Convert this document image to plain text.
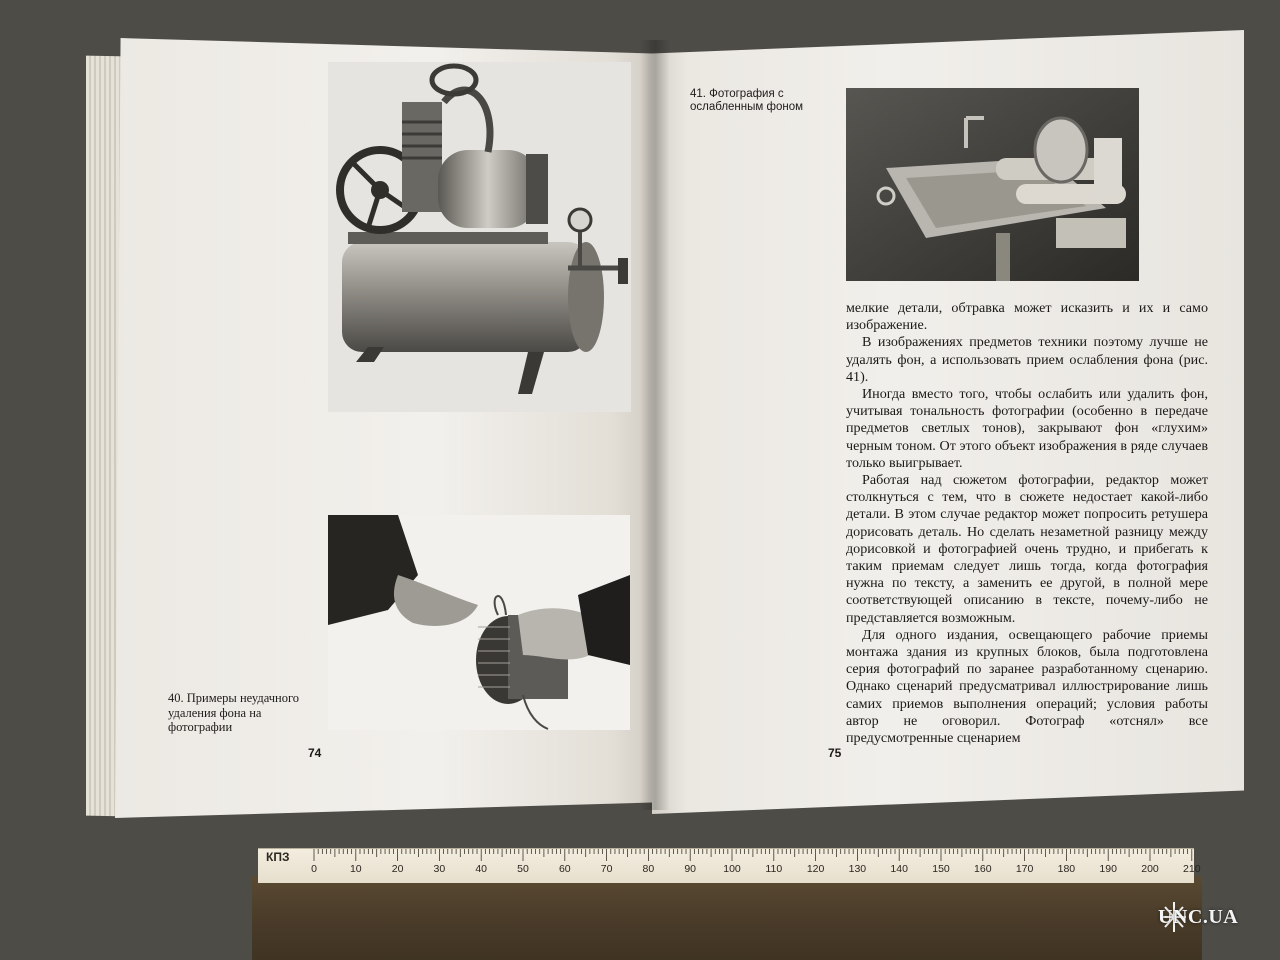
40. Примеры неудачного удаления фона на фотографии
41. Фотография с ослабленным фоном
74	75

мелкие детали, обтравка может исказить и их и само изображение.

В изображениях предметов техники поэтому лучше не удалять фон, а использовать прием ослабления фона (рис. 41).

Иногда вместо того, чтобы ослабить или удалить фон, учитывая тональность фотографии (особенно в передаче предметов светлых тонов), закрывают фон «глухим» черным тоном. От этого объект изображения в ряде случаев только выигрывает.

Работая над сюжетом фотографии, редактор может столкнуться с тем, что в сюжете недостает какой-либо детали. В этом случае редактор может попросить ретушера дорисовать деталь. Но сделать незаметной разницу между дорисовкой и фотографией очень трудно, и прибегать к таким приемам следует лишь тогда, когда фотография нужна по тексту, а заменить ее другой, в полной мере соответствующей описанию в тексте, почему-либо не представляется возможным.

Для одного издания, освещающего рабочие приемы монтажа здания из крупных блоков, была подготовлена серия фотографий по заранее разработанному сценарию. Однако сценарий предусматривал иллюстрирование лишь самих приемов выполнения операций; условия работы автор не оговорил. Фотограф «отснял» все предусмотренные сценарием

КПЗ
0	10	20	30	40	50	60	70	80	90	100 110 120 130 140 150 160 170 180 190 200 210
UNC.UA
